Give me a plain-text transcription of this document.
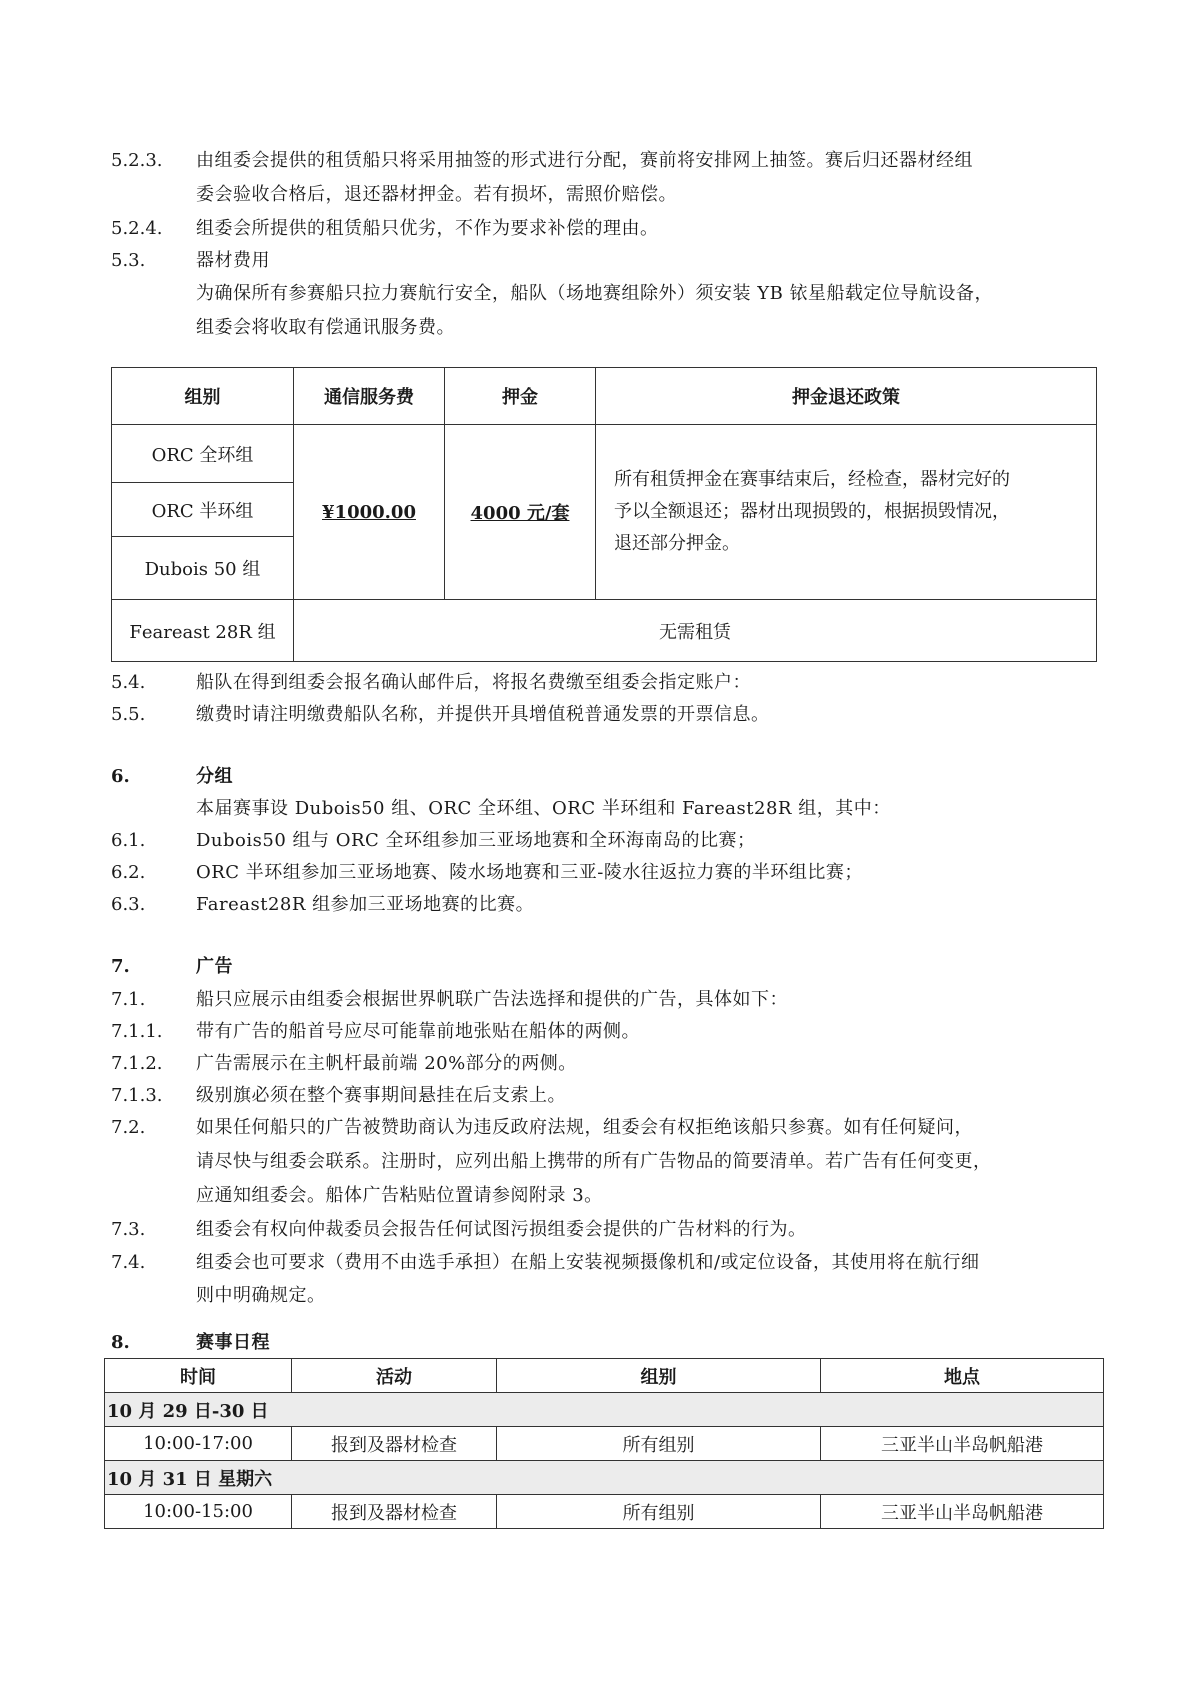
5.2.3. 由组委会提供的租赁船只将采用抽签的形式进行分配，赛前将安排网上抽签。赛后归还器材经组
委会验收合格后，退还器材押金。若有损坏，需照价赔偿。
5.2.4. 组委会所提供的租赁船只优劣，不作为要求补偿的理由。
5.3.	器材费用
为确保所有参赛船只拉力赛航行安全，船队（场地赛组除外）须安装 YB 铱星船载定位导航设备，
组委会将收取有偿通讯服务费。
组别	通信服务费	押金	押金退还政策
ORC 全环组	¥1000.00	4000 元/套	所有租赁押金在赛事结束后，经检查，器材完好的
予以全额退还；器材出现损毁的，根据损毁情况，
退还部分押金。

ORC 半环组			
Dubois 50 组			
Fеareast 28R 组	无需租赁		
5.4.	船队在得到组委会报名确认邮件后，将报名费缴至组委会指定账户：
5.5.	缴费时请注明缴费船队名称，并提供开具增值税普通发票的开票信息。
6.	分组
本届赛事设 Dubois50 组、ORC 全环组、ORC 半环组和 Fareast28R 组，其中：
6.1.	Dubois50 组与 ORC 全环组参加三亚场地赛和全环海南岛的比赛；
6.2.	ORC 半环组参加三亚场地赛、陵水场地赛和三亚-陵水往返拉力赛的半环组比赛；
6.3.	Fareast28R 组参加三亚场地赛的比赛。
7.	广告
7.1.	船只应展示由组委会根据世界帆联广告法选择和提供的广告，具体如下：
7.1.1. 带有广告的船首号应尽可能靠前地张贴在船体的两侧。
7.1.2. 广告需展示在主帆杆最前端 20%部分的两侧。
7.1.3. 级别旗必须在整个赛事期间悬挂在后支索上。
7.2.	如果任何船只的广告被赞助商认为违反政府法规，组委会有权拒绝该船只参赛。如有任何疑问，
请尽快与组委会联系。注册时，应列出船上携带的所有广告物品的简要清单。若广告有任何变更，
应通知组委会。船体广告粘贴位置请参阅附录 3。
7.3.	组委会有权向仲裁委员会报告任何试图污损组委会提供的广告材料的行为。
7.4.	组委会也可要求（费用不由选手承担）在船上安装视频摄像机和/或定位设备，其使用将在航行细
则中明确规定。
8.	赛事日程
时间	活动	组别	地点
10 月 29 日-30 日			
10:00-17:00	报到及器材检查	所有组别	三亚半山半岛帆船港
10 月 31 日 星期六			
10:00-15:00	报到及器材检查	所有组别	三亚半山半岛帆船港
